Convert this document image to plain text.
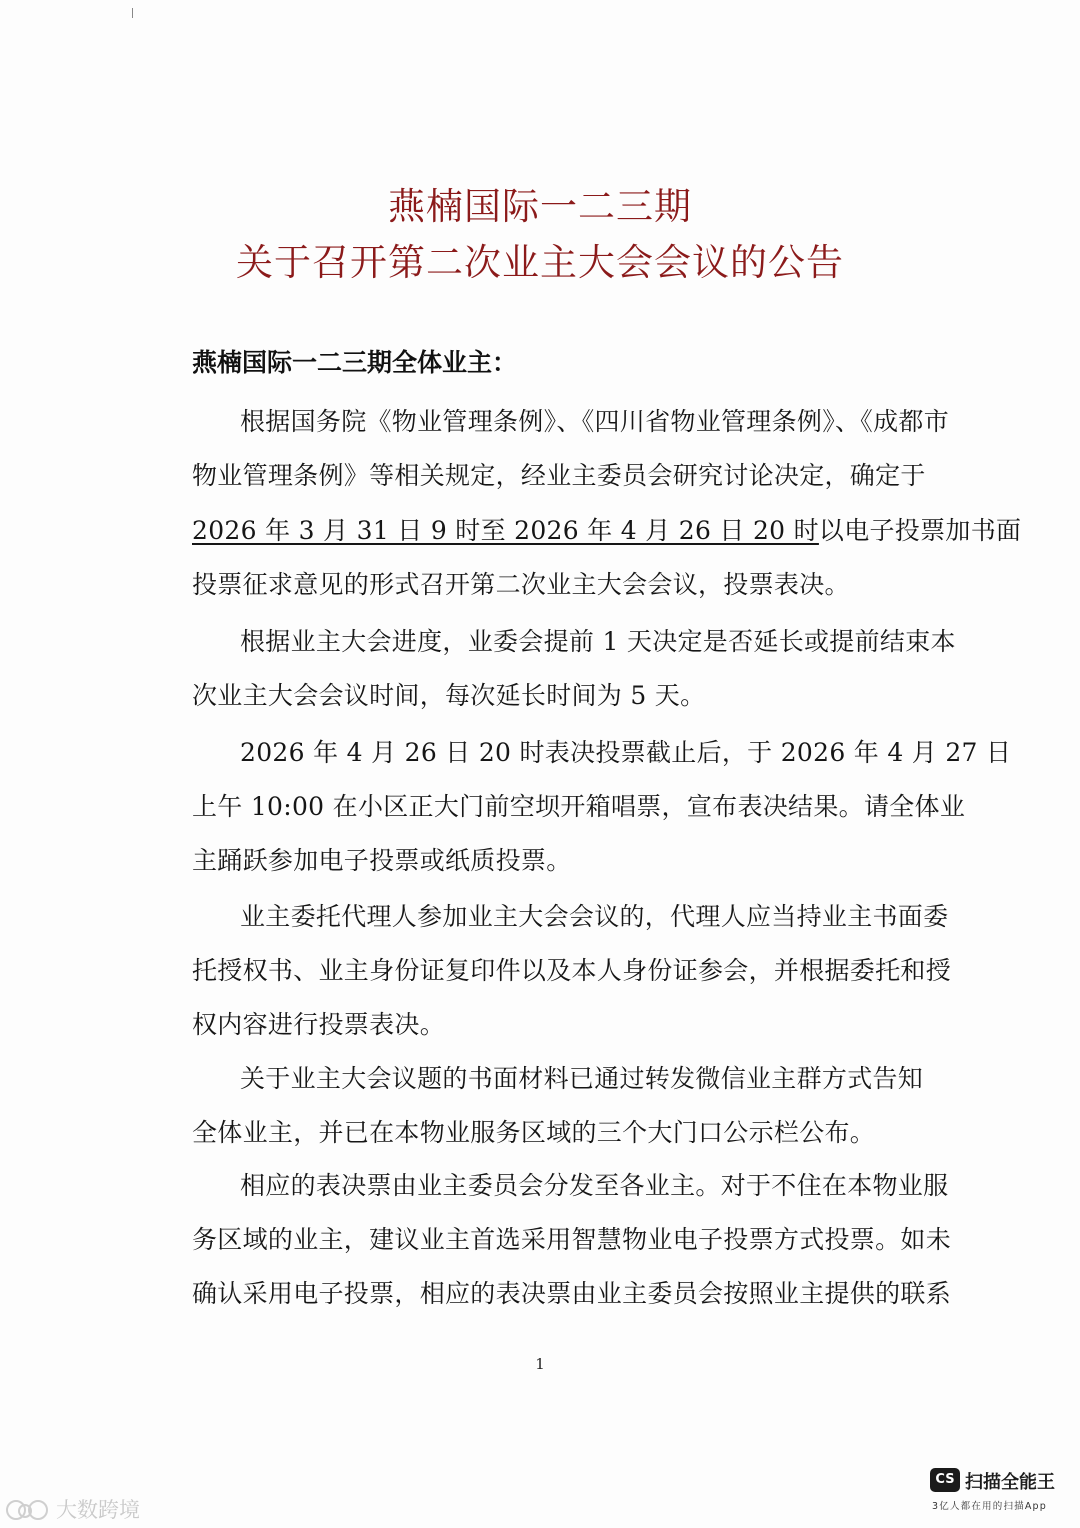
燕楠国际一二三期
关于召开第二次业主大会会议的公告
燕楠国际一二三期全体业主：
根据国务院《物业管理条例》、《四川省物业管理条例》、《成都市
物业管理条例》等相关规定，经业主委员会研究讨论决定，确定于
2026 年 3 月 31 日 9 时至 2026 年 4 月 26 日 20 时以电子投票加书面
投票征求意见的形式召开第二次业主大会会议，投票表决。
根据业主大会进度，业委会提前 1 天决定是否延长或提前结束本
次业主大会会议时间，每次延长时间为 5 天。
2026 年 4 月 26 日 20 时表决投票截止后，于 2026 年 4 月 27 日
上午 10:00 在小区正大门前空坝开箱唱票，宣布表决结果。请全体业
主踊跃参加电子投票或纸质投票。
业主委托代理人参加业主大会会议的，代理人应当持业主书面委
托授权书、业主身份证复印件以及本人身份证参会，并根据委托和授
权内容进行投票表决。
关于业主大会议题的书面材料已通过转发微信业主群方式告知
全体业主，并已在本物业服务区域的三个大门口公示栏公布。
相应的表决票由业主委员会分发至各业主。对于不住在本物业服
务区域的业主，建议业主首选采用智慧物业电子投票方式投票。如未
确认采用电子投票，相应的表决票由业主委员会按照业主提供的联系
1
大数跨境
CS 扫描全能王
3亿人都在用的扫描App
